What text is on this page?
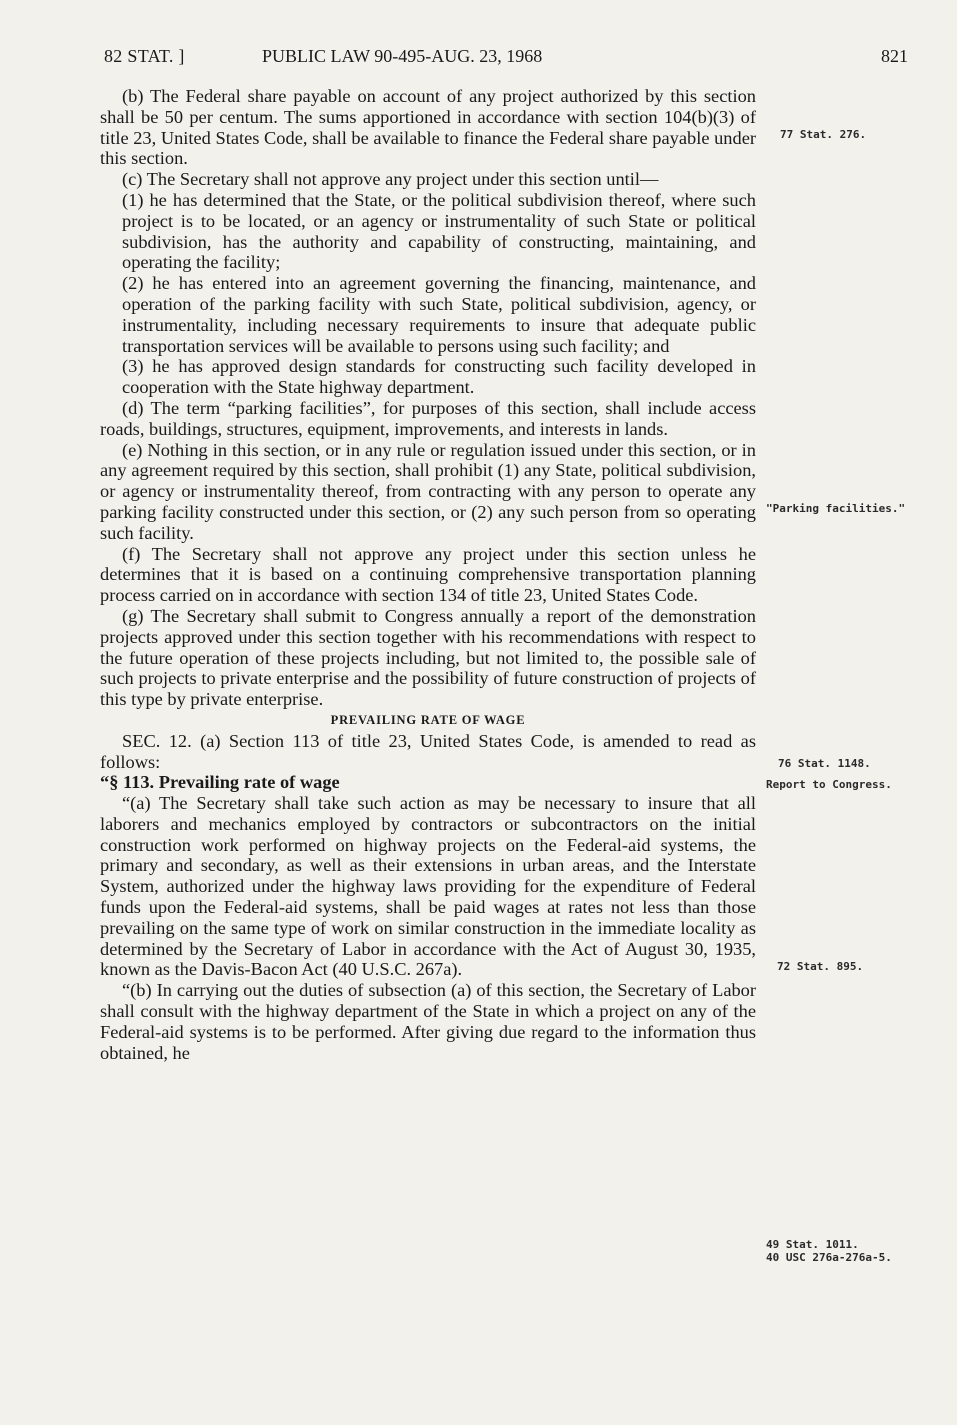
82 STAT. ]	PUBLIC LAW 90-495-AUG. 23, 1968	821

(b) The Federal share payable on account of any project authorized by this section shall be 50 per centum. The sums apportioned in accordance with section 104(b)(3) of title 23, United States Code, shall be available to finance the Federal share payable under this section.

(c) The Secretary shall not approve any project under this section until—

(1) he has determined that the State, or the political subdivision thereof, where such project is to be located, or an agency or instrumentality of such State or political subdivision, has the authority and capability of constructing, maintaining, and operating the facility;

(2) he has entered into an agreement governing the financing, maintenance, and operation of the parking facility with such State, political subdivision, agency, or instrumentality, including necessary requirements to insure that adequate public transportation services will be available to persons using such facility; and

(3) he has approved design standards for constructing such facility developed in cooperation with the State highway department.

(d) The term “parking facilities”, for purposes of this section, shall include access roads, buildings, structures, equipment, improvements, and interests in lands.

(e) Nothing in this section, or in any rule or regulation issued under this section, or in any agreement required by this section, shall prohibit (1) any State, political subdivision, or agency or instrumentality thereof, from contracting with any person to operate any parking facility constructed under this section, or (2) any such person from so operating such facility.

(f) The Secretary shall not approve any project under this section unless he determines that it is based on a continuing comprehensive transportation planning process carried on in accordance with section 134 of title 23, United States Code.

(g) The Secretary shall submit to Congress annually a report of the demonstration projects approved under this section together with his recommendations with respect to the future operation of these projects including, but not limited to, the possible sale of such projects to private enterprise and the possibility of future construction of projects of this type by private enterprise.

PREVAILING RATE OF WAGE

SEC. 12. (a) Section 113 of title 23, United States Code, is amended to read as follows:

“§ 113. Prevailing rate of wage

“(a) The Secretary shall take such action as may be necessary to insure that all laborers and mechanics employed by contractors or subcontractors on the initial construction work performed on highway projects on the Federal-aid systems, the primary and secondary, as well as their extensions in urban areas, and the Interstate System, authorized under the highway laws providing for the expenditure of Federal funds upon the Federal-aid systems, shall be paid wages at rates not less than those prevailing on the same type of work on similar construction in the immediate locality as determined by the Secretary of Labor in accordance with the Act of August 30, 1935, known as the Davis-Bacon Act (40 U.S.C. 267a).

“(b) In carrying out the duties of subsection (a) of this section, the Secretary of Labor shall consult with the highway department of the State in which a project on any of the Federal-aid systems is to be performed. After giving due regard to the information thus obtained, he

77 Stat. 276.
"Parking facilities."
76 Stat. 1148.
Report to Congress.
72 Stat. 895.
49 Stat. 1011.
40 USC 276a-276a-5.
